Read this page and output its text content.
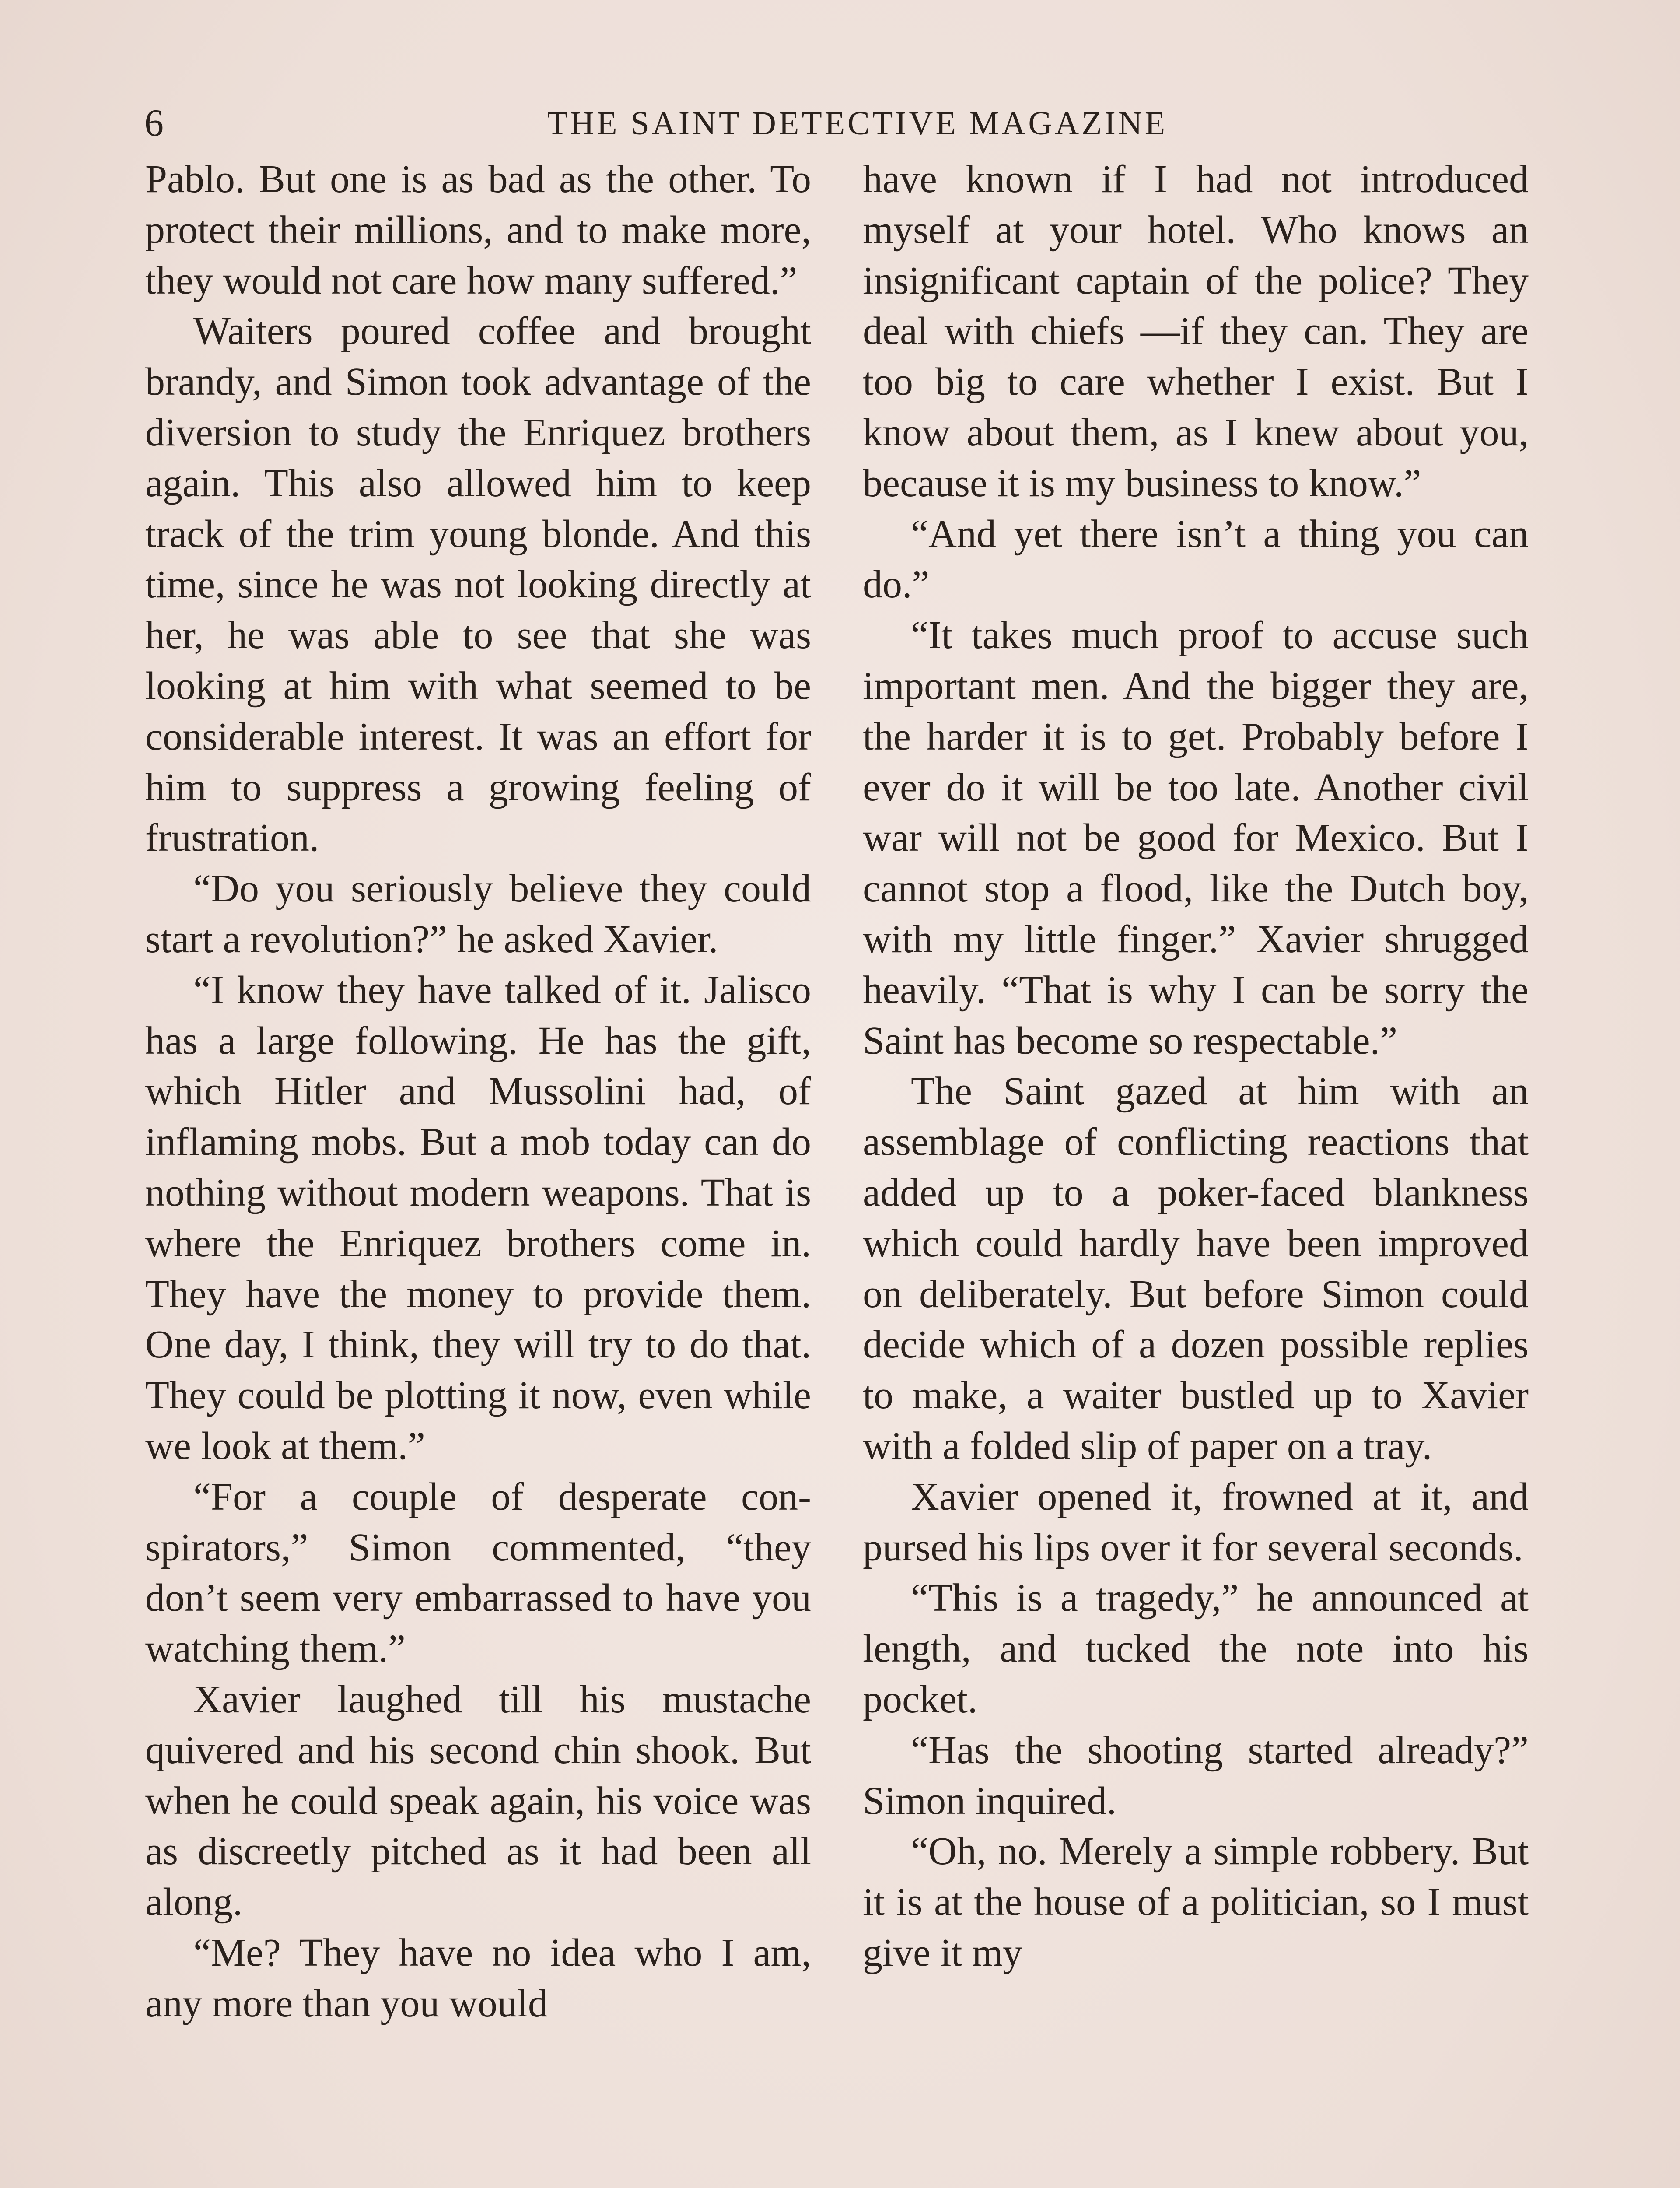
6	THE SAINT DETECTIVE MAGAZINE

Pablo. But one is as bad as the other. To protect their millions, and to make more, they would not care how many suffered.”

Waiters poured coffee and brought brandy, and Simon took advantage of the diversion to study the Enriquez brothers again. This also allowed him to keep track of the trim young blonde. And this time, since he was not looking directly at her, he was able to see that she was looking at him with what seemed to be considerable interest. It was an effort for him to suppress a growing feeling of frustration.

“Do you seriously believe they could start a revolution?” he asked Xavier.

“I know they have talked of it. Jalisco has a large following. He has the gift, which Hitler and Mussolini had, of inflaming mobs. But a mob today can do nothing without modern weapons. That is where the Enriquez brothers come in. They have the money to provide them. One day, I think, they will try to do that. They could be plotting it now, even while we look at them.”

“For a couple of desperate conspirators,” Simon commented, “they don’t seem very embarrassed to have you watching them.”

Xavier laughed till his mustache quivered and his second chin shook. But when he could speak again, his voice was as discreetly pitched as it had been all along.

“Me? They have no idea who I am, any more than you would

have known if I had not introduced myself at your hotel. Who knows an insignificant captain of the police? They deal with chiefs —if they can. They are too big to care whether I exist. But I know about them, as I knew about you, because it is my business to know.”

“And yet there isn’t a thing you can do.”

“It takes much proof to accuse such important men. And the bigger they are, the harder it is to get. Probably before I ever do it will be too late. Another civil war will not be good for Mexico. But I cannot stop a flood, like the Dutch boy, with my little finger.” Xavier shrugged heavily. “That is why I can be sorry the Saint has become so respectable.”

The Saint gazed at him with an assemblage of conflicting reactions that added up to a poker-faced blankness which could hardly have been improved on deliberately. But before Simon could decide which of a dozen possible replies to make, a waiter bustled up to Xavier with a folded slip of paper on a tray.

Xavier opened it, frowned at it, and pursed his lips over it for several seconds.

“This is a tragedy,” he announced at length, and tucked the note into his pocket.

“Has the shooting started already?” Simon inquired.

“Oh, no. Merely a simple robbery. But it is at the house of a politician, so I must give it my
